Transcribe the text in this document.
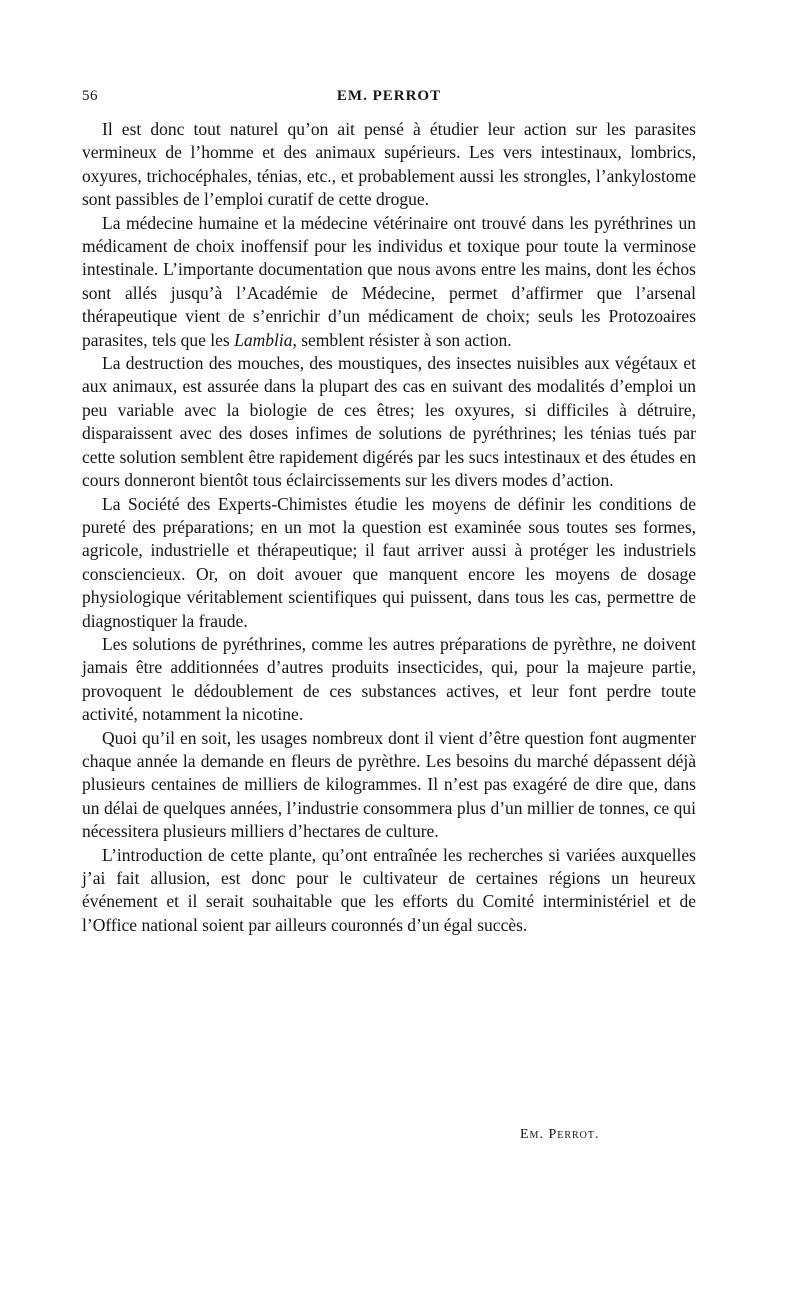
56	EM. PERROT

Il est donc tout naturel qu’on ait pensé à étudier leur action sur les parasites vermineux de l’homme et des animaux supérieurs. Les vers intestinaux, lombrics, oxyures, trichocéphales, ténias, etc., et probablement aussi les strongles, l’ankylostome sont passibles de l’emploi curatif de cette drogue.

La médecine humaine et la médecine vétérinaire ont trouvé dans les pyréthrines un médicament de choix inoffensif pour les individus et toxique pour toute la verminose intestinale. L’importante documentation que nous avons entre les mains, dont les échos sont allés jusqu’à l’Académie de Médecine, permet d’affirmer que l’arsenal thérapeutique vient de s’enrichir d’un médicament de choix; seuls les Protozoaires parasites, tels que les Lamblia, semblent résister à son action.

La destruction des mouches, des moustiques, des insectes nuisibles aux végétaux et aux animaux, est assurée dans la plupart des cas en suivant des modalités d’emploi un peu variable avec la biologie de ces êtres; les oxyures, si difficiles à détruire, disparaissent avec des doses infimes de solutions de pyréthrines; les ténias tués par cette solution semblent être rapidement digérés par les sucs intestinaux et des études en cours donneront bientôt tous éclaircissements sur les divers modes d’action.

La Société des Experts-Chimistes étudie les moyens de définir les conditions de pureté des préparations; en un mot la question est examinée sous toutes ses formes, agricole, industrielle et thérapeutique; il faut arriver aussi à protéger les industriels consciencieux. Or, on doit avouer que manquent encore les moyens de dosage physiologique véritablement scientifiques qui puissent, dans tous les cas, permettre de diagnostiquer la fraude.

Les solutions de pyréthrines, comme les autres préparations de pyrèthre, ne doivent jamais être additionnées d’autres produits insecticides, qui, pour la majeure partie, provoquent le dédoublement de ces substances actives, et leur font perdre toute activité, notamment la nicotine.

Quoi qu’il en soit, les usages nombreux dont il vient d’être question font augmenter chaque année la demande en fleurs de pyrèthre. Les besoins du marché dépassent déjà plusieurs centaines de milliers de kilogrammes. Il n’est pas exagéré de dire que, dans un délai de quelques années, l’industrie consommera plus d’un millier de tonnes, ce qui nécessitera plusieurs milliers d’hectares de culture.

L’introduction de cette plante, qu’ont entraînée les recherches si variées auxquelles j’ai fait allusion, est donc pour le cultivateur de certaines régions un heureux événement et il serait souhaitable que les efforts du Comité interministériel et de l’Office national soient par ailleurs couronnés d’un égal succès.

Em. Perrot.
